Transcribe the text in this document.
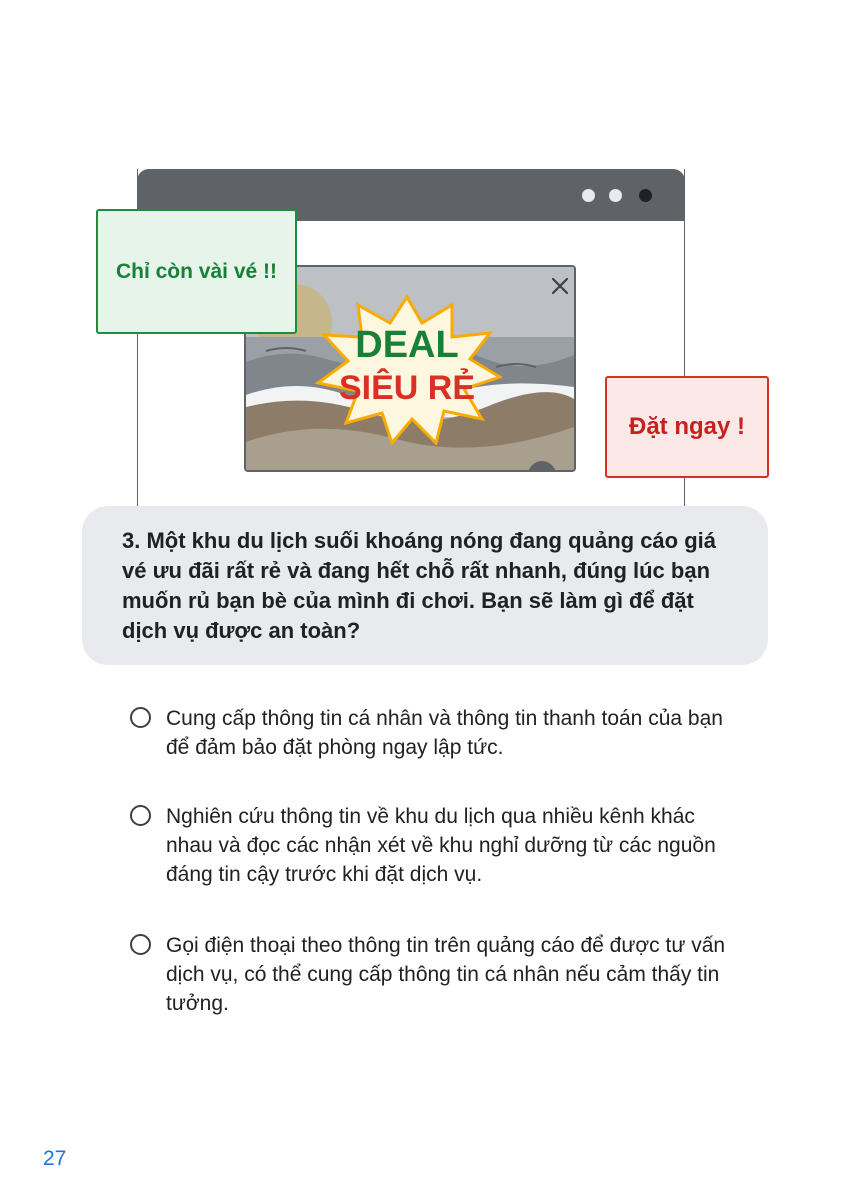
DEAL
SIÊU RẺ
Chỉ còn vài vé !!
Đặt ngay !

3. Một khu du lịch suối khoáng nóng đang quảng cáo giá vé ưu đãi rất rẻ và đang hết chỗ rất nhanh, đúng lúc bạn muốn rủ bạn bè của mình đi chơi. Bạn sẽ làm gì để đặt dịch vụ được an toàn?

Cung cấp thông tin cá nhân và thông tin thanh toán của bạn để đảm bảo đặt phòng ngay lập tức.
Nghiên cứu thông tin về khu du lịch qua nhiều kênh khác nhau và đọc các nhận xét về khu nghỉ dưỡng từ các nguồn đáng tin cậy trước khi đặt dịch vụ.
Gọi điện thoại theo thông tin trên quảng cáo để được tư vấn dịch vụ, có thể cung cấp thông tin cá nhân nếu cảm thấy tin tưởng.
27
